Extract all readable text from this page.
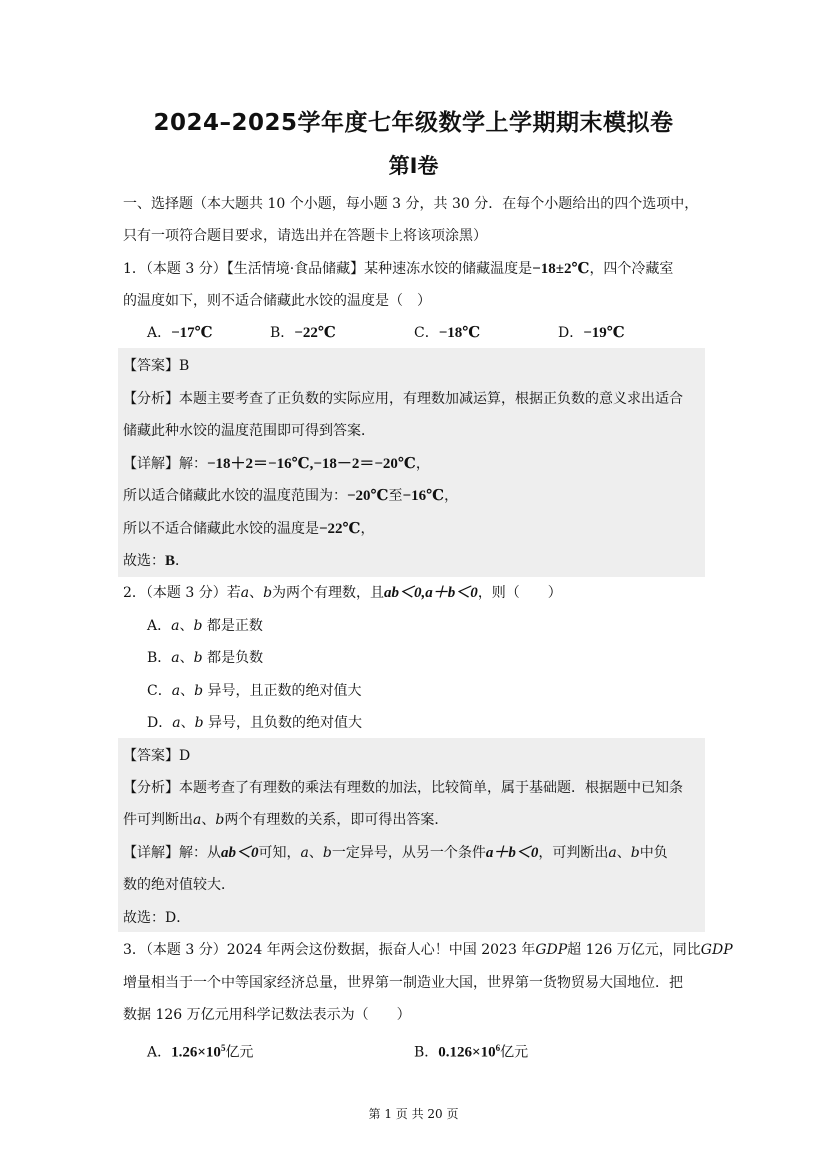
2024–2025学年度七年级数学上学期期末模拟卷
第Ⅰ卷
一、选择题（本大题共 10 个小题，每小题 3 分，共 30 分．在每个小题给出的四个选项中，
只有一项符合题目要求，请选出并在答题卡上将该项涂黑）
1．（本题 3 分）【生活情境·食品储藏】某种速冻水饺的储藏温度是−18±2℃，四个冷藏室
的温度如下，则不适合储藏此水饺的温度是（　）
A．−17℃	B．−22℃	C．−18℃	D．−19℃
【答案】B
【分析】本题主要考查了正负数的实际应用，有理数加减运算，根据正负数的意义求出适合
储藏此种水饺的温度范围即可得到答案．
【详解】解：−18＋2＝−16℃,−18－2＝−20℃，
所以适合储藏此水饺的温度范围为：−20℃至−16℃，
所以不适合储藏此水饺的温度是−22℃，
故选：B．
2．（本题 3 分）若a、b为两个有理数，且ab＜0,a＋b＜0，则（　　）
A．a、b 都是正数
B．a、b 都是负数
C．a、b 异号，且正数的绝对值大
D．a、b 异号，且负数的绝对值大
【答案】D
【分析】本题考查了有理数的乘法有理数的加法，比较简单，属于基础题．根据题中已知条
件可判断出a、b两个有理数的关系，即可得出答案．
【详解】解：从ab＜0可知，a、b一定异号，从另一个条件a＋b＜0，可判断出a、b中负
数的绝对值较大．
故选：D．
3．（本题 3 分）2024 年两会这份数据，振奋人心！中国 2023 年GDP超 126 万亿元，同比GDP
增量相当于一个中等国家经济总量，世界第一制造业大国，世界第一货物贸易大国地位．把
数据 126 万亿元用科学记数法表示为（　　）
A．$1.26\times 10^5$亿元	B．$0.126\times 10^6$亿元
第 1 页 共 20 页
